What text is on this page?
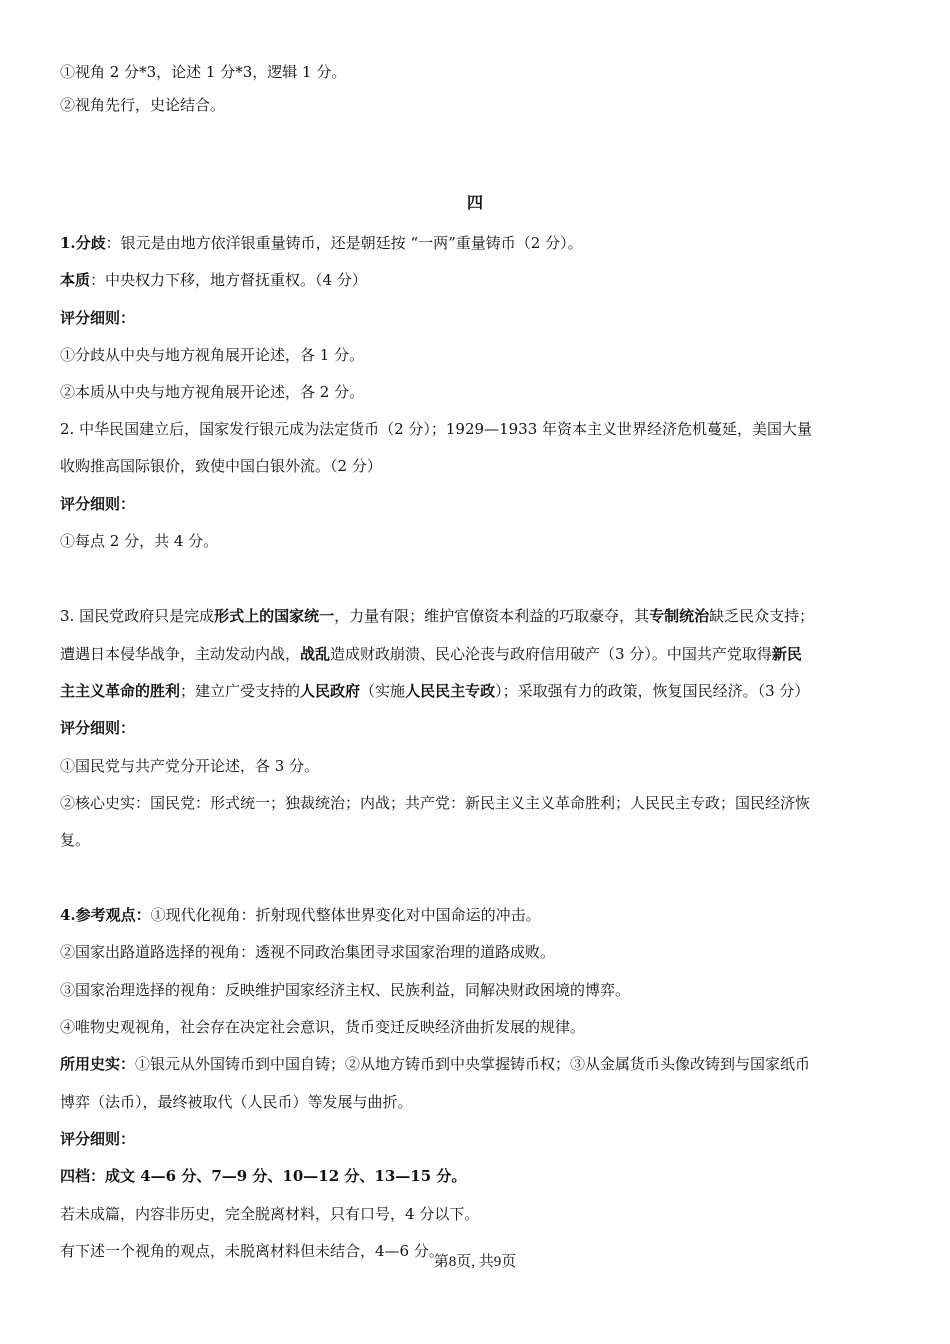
①视角 2 分*3，论述 1 分*3，逻辑 1 分。
②视角先行，史论结合。
四
1.分歧：银元是由地方依洋银重量铸币，还是朝廷按 “一两”重量铸币（2 分）。
本质：中央权力下移，地方督抚重权。（4 分）
评分细则：
①分歧从中央与地方视角展开论述，各 1 分。
②本质从中央与地方视角展开论述，各 2 分。
2. 中华民国建立后，国家发行银元成为法定货币（2 分）；1929—1933 年资本主义世界经济危机蔓延，美国大量
收购推高国际银价，致使中国白银外流。（2 分）
评分细则：
①每点 2 分，共 4 分。
3. 国民党政府只是完成形式上的国家统一，力量有限；维护官僚资本利益的巧取豪夺，其专制统治缺乏民众支持；
遭遇日本侵华战争，主动发动内战，战乱造成财政崩溃、民心沦丧与政府信用破产（3 分）。中国共产党取得新民
主主义革命的胜利；建立广受支持的人民政府（实施人民民主专政）；采取强有力的政策，恢复国民经济。（3 分）
评分细则：
①国民党与共产党分开论述，各 3 分。
②核心史实：国民党：形式统一；独裁统治；内战；共产党：新民主义主义革命胜利；人民民主专政；国民经济恢
复。
4.参考观点：①现代化视角：折射现代整体世界变化对中国命运的冲击。
②国家出路道路选择的视角：透视不同政治集团寻求国家治理的道路成败。
③国家治理选择的视角：反映维护国家经济主权、民族利益，同解决财政困境的博弈。
④唯物史观视角，社会存在决定社会意识，货币变迁反映经济曲折发展的规律。
所用史实：①银元从外国铸币到中国自铸；②从地方铸币到中央掌握铸币权；③从金属货币头像改铸到与国家纸币
博弈（法币），最终被取代（人民币）等发展与曲折。
评分细则：
四档：成文 4—6 分、7—9 分、10—12 分、13—15 分。
若未成篇，内容非历史，完全脱离材料，只有口号，4 分以下。
有下述一个视角的观点，未脱离材料但未结合，4—6 分。
第8页, 共9页
